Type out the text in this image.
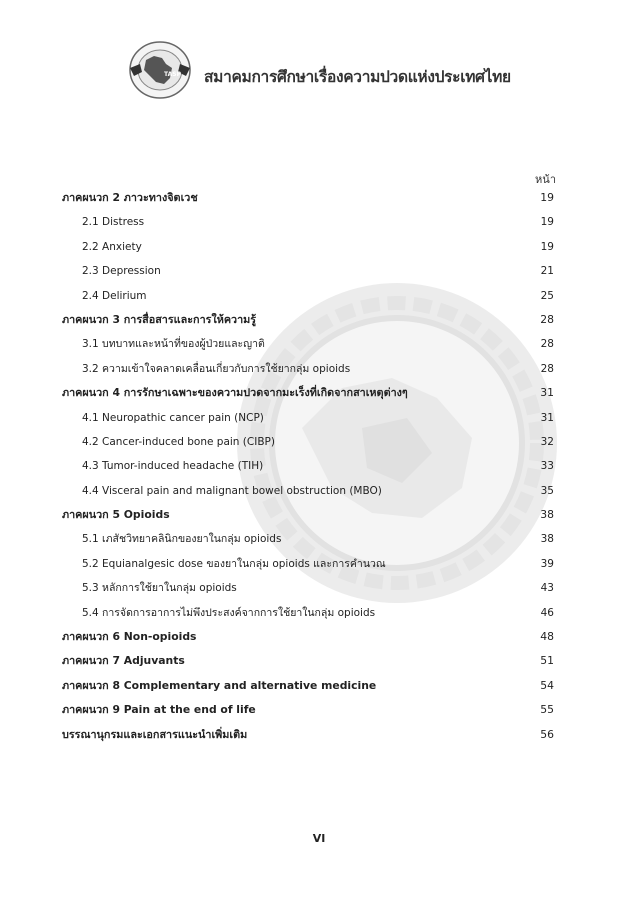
TASP สมาคมการศึกษาเรื่องความปวดแห่งประเทศไทย
หน้า
ภาคผนวก 2 ภาวะทางจิตเวช	19
2.1 Distress	19
2.2 Anxiety	19
2.3 Depression	21
2.4 Delirium	25
ภาคผนวก 3 การสื่อสารและการให้ความรู้	28
3.1 บทบาทและหน้าที่ของผู้ป่วยและญาติ	28
3.2 ความเข้าใจคลาดเคลื่อนเกี่ยวกับการใช้ยากลุ่ม opioids	28
ภาคผนวก 4 การรักษาเฉพาะของความปวดจากมะเร็งที่เกิดจากสาเหตุต่างๆ	31
4.1 Neuropathic cancer pain (NCP)	31
4.2 Cancer-induced bone pain (CIBP)	32
4.3 Tumor-induced headache (TIH)	33
4.4 Visceral pain and malignant bowel obstruction (MBO)	35
ภาคผนวก 5 Opioids	38
5.1 เภสัชวิทยาคลินิกของยาในกลุ่ม opioids	38
5.2 Equianalgesic dose ของยาในกลุ่ม opioids และการคำนวณ	39
5.3 หลักการใช้ยาในกลุ่ม opioids	43
5.4 การจัดการอาการไม่พึงประสงค์จากการใช้ยาในกลุ่ม opioids	46
ภาคผนวก 6 Non-opioids	48
ภาคผนวก 7 Adjuvants	51
ภาคผนวก 8 Complementary and alternative medicine	54
ภาคผนวก 9 Pain at the end of life	55
บรรณานุกรมและเอกสารแนะนำเพิ่มเติม	56
VI
